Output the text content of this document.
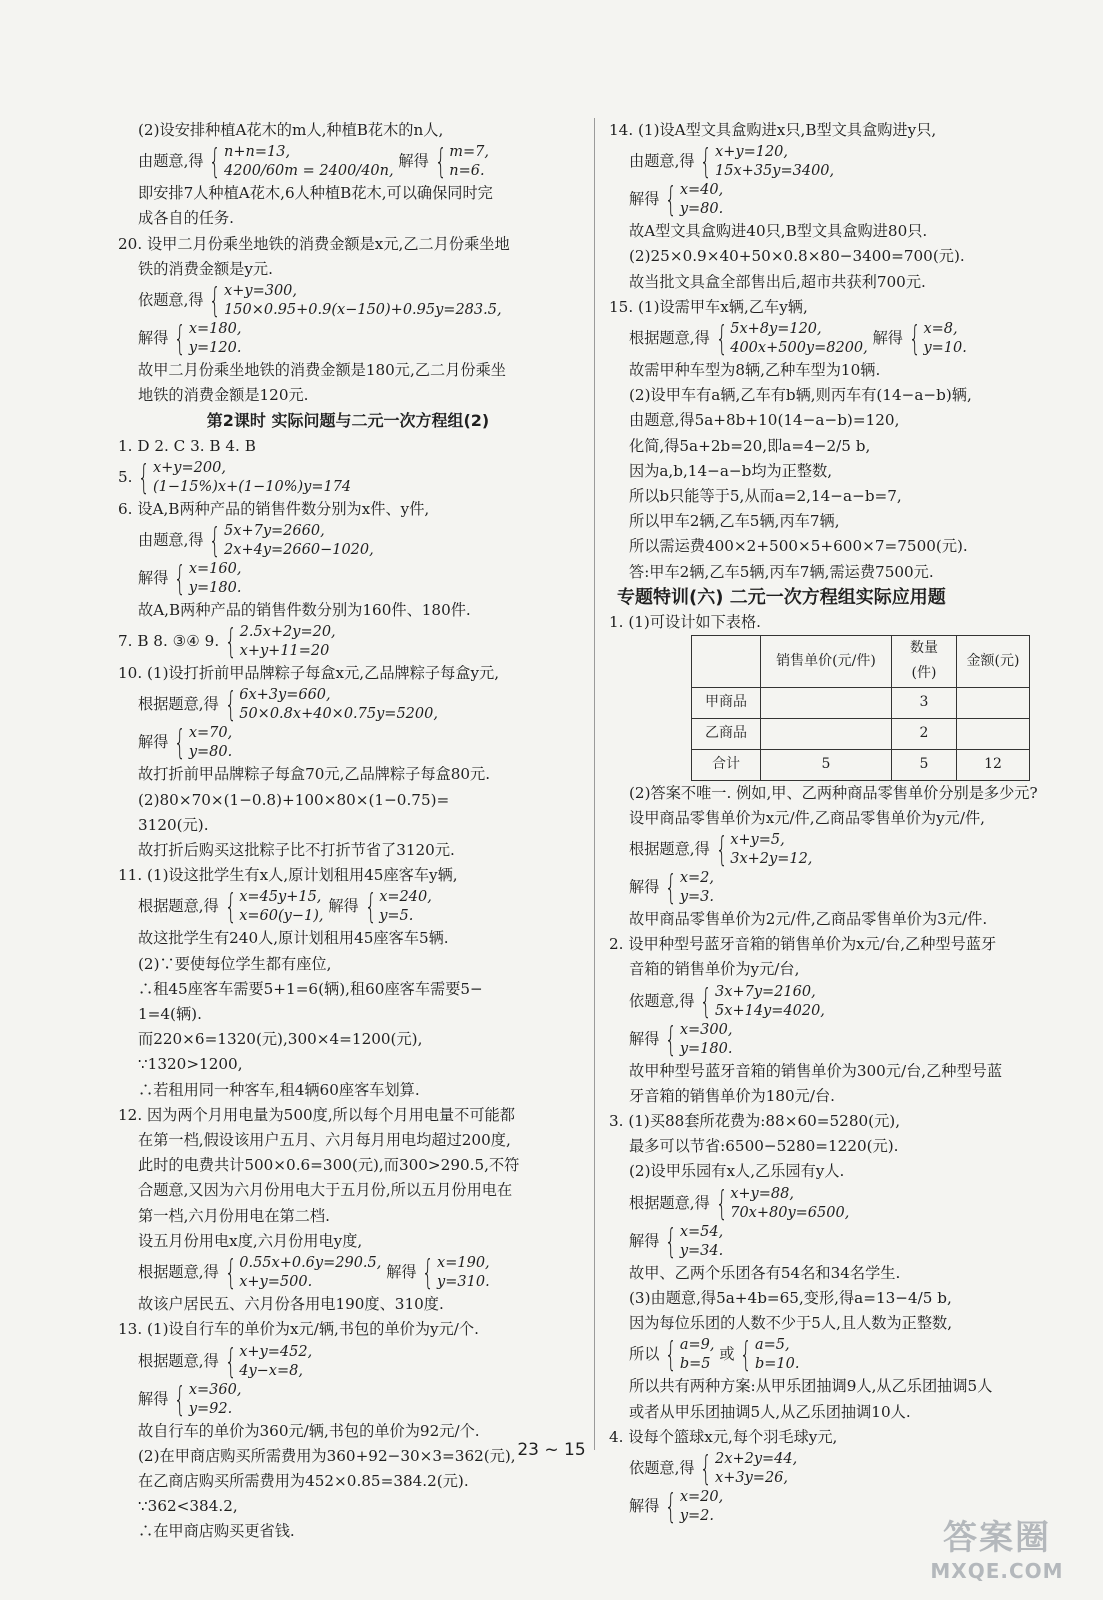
(2)设安排种植A花木的m人,种植B花木的n人,
由题意,得 { n+n=13,
4200/60m = 2400/40n,
解得 { m=7,
n=6.
即安排7人种植A花木,6人种植B花木,可以确保同时完
成各自的任务.
20. 设甲二月份乘坐地铁的消费金额是x元,乙二月份乘坐地
铁的消费金额是y元.
依题意,得 { x+y=300,
150×0.95+0.9(x−150)+0.95y=283.5,
解得 { x=180,
y=120.
故甲二月份乘坐地铁的消费金额是180元,乙二月份乘坐
地铁的消费金额是120元.
第2课时 实际问题与二元一次方程组(2)
1. D 2. C 3. B 4. B
5. { x+y=200,
(1−15%)x+(1−10%)y=174
6. 设A,B两种产品的销售件数分别为x件、y件,
由题意,得 { 5x+7y=2660,
2x+4y=2660−1020,
解得 { x=160,
y=180.
故A,B两种产品的销售件数分别为160件、180件.
7. B 8. ③④ 9. { 2.5x+2y=20,
x+y+11=20
10. (1)设打折前甲品牌粽子每盒x元,乙品牌粽子每盒y元,
根据题意,得 { 6x+3y=660,
50×0.8x+40×0.75y=5200,
解得 { x=70,
y=80.
故打折前甲品牌粽子每盒70元,乙品牌粽子每盒80元.
(2)80×70×(1−0.8)+100×80×(1−0.75)=
3120(元).
故打折后购买这批粽子比不打折节省了3120元.
11. (1)设这批学生有x人,原计划租用45座客车y辆,
根据题意,得 { x=45y+15,
x=60(y−1),
解得 { x=240,
y=5.
故这批学生有240人,原计划租用45座客车5辆.
(2)∵要使每位学生都有座位,
∴租45座客车需要5+1=6(辆),租60座客车需要5−
1=4(辆).
而220×6=1320(元),300×4=1200(元),
∵1320>1200,
∴若租用同一种客车,租4辆60座客车划算.
12. 因为两个月用电量为500度,所以每个月用电量不可能都
在第一档,假设该用户五月、六月每月用电均超过200度,
此时的电费共计500×0.6=300(元),而300>290.5,不符
合题意,又因为六月份用电大于五月份,所以五月份用电在
第一档,六月份用电在第二档.
设五月份用电x度,六月份用电y度,
根据题意,得 { 0.55x+0.6y=290.5,
x+y=500.
解得 { x=190,
y=310.
故该户居民五、六月份各用电190度、310度.
13. (1)设自行车的单价为x元/辆,书包的单价为y元/个.
根据题意,得 { x+y=452,
4y−x=8,
解得 { x=360,
y=92.
故自行车的单价为360元/辆,书包的单价为92元/个.
(2)在甲商店购买所需费用为360+92−30×3=362(元),
在乙商店购买所需费用为452×0.85=384.2(元).
∵362<384.2,
∴在甲商店购买更省钱.
14. (1)设A型文具盒购进x只,B型文具盒购进y只,
由题意,得 { x+y=120,
15x+35y=3400,
解得 { x=40,
y=80.
故A型文具盒购进40只,B型文具盒购进80只.
(2)25×0.9×40+50×0.8×80−3400=700(元).
故当批文具盒全部售出后,超市共获利700元.
15. (1)设需甲车x辆,乙车y辆,
根据题意,得 { 5x+8y=120,
400x+500y=8200,
解得 { x=8,
y=10.
故需甲种车型为8辆,乙种车型为10辆.
(2)设甲车有a辆,乙车有b辆,则丙车有(14−a−b)辆,
由题意,得5a+8b+10(14−a−b)=120,
化简,得5a+2b=20,即a=4−2/5 b,
因为a,b,14−a−b均为正整数,
所以b只能等于5,从而a=2,14−a−b=7,
所以甲车2辆,乙车5辆,丙车7辆,
所以需运费400×2+500×5+600×7=7500(元).
答:甲车2辆,乙车5辆,丙车7辆,需运费7500元.
专题特训(六) 二元一次方程组实际应用题
1. (1)可设计如下表格.
	销售单价(元/件)	数量(件)	金额(元)
甲商品		3	
乙商品		2	
合计	5	5	12
(2)答案不唯一. 例如,甲、乙两种商品零售单价分别是多少元?
设甲商品零售单价为x元/件,乙商品零售单价为y元/件,
根据题意,得 { x+y=5,
3x+2y=12,
解得 { x=2,
y=3.
故甲商品零售单价为2元/件,乙商品零售单价为3元/件.
2. 设甲种型号蓝牙音箱的销售单价为x元/台,乙种型号蓝牙
音箱的销售单价为y元/台,
依题意,得 { 3x+7y=2160,
5x+14y=4020,
解得 { x=300,
y=180.
故甲种型号蓝牙音箱的销售单价为300元/台,乙种型号蓝
牙音箱的销售单价为180元/台.
3. (1)买88套所花费为:88×60=5280(元),
最多可以节省:6500−5280=1220(元).
(2)设甲乐园有x人,乙乐园有y人.
根据题意,得 { x+y=88,
70x+80y=6500,
解得 { x=54,
y=34.
故甲、乙两个乐团各有54名和34名学生.
(3)由题意,得5a+4b=65,变形,得a=13−4/5 b,
因为每位乐团的人数不少于5人,且人数为正整数,
所以 { a=9,
b=5
或 { a=5,
b=10.
所以共有两种方案:从甲乐团抽调9人,从乙乐团抽调5人
或者从甲乐团抽调5人,从乙乐团抽调10人.
4. 设每个篮球x元,每个羽毛球y元,
依题意,得 { 2x+2y=44,
x+3y=26,
解得 { x=20,
y=2.
23 ~ 15
答案圈
MXQE.COM
